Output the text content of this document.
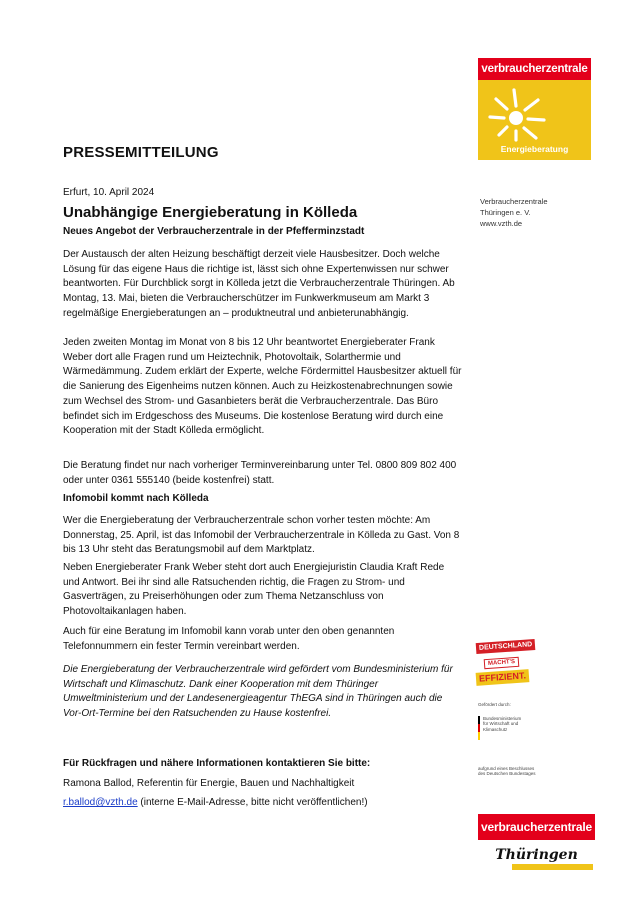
verbraucherzentrale
Energieberatung
Verbraucherzentrale
Thüringen e. V.
www.vzth.de
PRESSEMITTEILUNG
Erfurt, 10. April 2024
Unabhängige Energieberatung in Kölleda
Neues Angebot der Verbraucherzentrale in der Pfefferminzstadt

Der Austausch der alten Heizung beschäftigt derzeit viele Hausbesitzer. Doch welche Lösung für das eigene Haus die richtige ist, lässt sich ohne Expertenwissen nur schwer beantworten. Für Durchblick sorgt in Kölleda jetzt die Verbraucherzentrale Thüringen. Ab Montag, 13. Mai, bieten die Verbraucherschützer im Funkwerkmuseum am Markt 3 regelmäßige Energieberatungen an – produktneutral und anbieterunabhängig.

Jeden zweiten Montag im Monat von 8 bis 12 Uhr beantwortet Energieberater Frank Weber dort alle Fragen rund um Heiztechnik, Photovoltaik, Solarthermie und Wärmedämmung. Zudem erklärt der Experte, welche Fördermittel Hausbesitzer aktuell für die Sanierung des Eigenheims nutzen können. Auch zu Heizkostenabrechnungen sowie zum Wechsel des Strom- und Gasanbieters berät die Verbraucherzentrale. Das Büro befindet sich im Erdgeschoss des Museums. Die kostenlose Beratung wird durch eine Kooperation mit der Stadt Kölleda ermöglicht.

Die Beratung findet nur nach vorheriger Terminvereinbarung unter Tel. 0800 809 802 400 oder unter 0361 555140 (beide kostenfrei) statt.

Infomobil kommt nach Kölleda

Wer die Energieberatung der Verbraucherzentrale schon vorher testen möchte: Am Donnerstag, 25. April, ist das Infomobil der Verbraucherzentrale in Kölleda zu Gast. Von 8 bis 13 Uhr steht das Beratungsmobil auf dem Marktplatz.

Neben Energieberater Frank Weber steht dort auch Energiejuristin Claudia Kraft Rede und Antwort. Bei ihr sind alle Ratsuchenden richtig, die Fragen zu Strom- und Gasverträgen, zu Preiserhöhungen oder zum Thema Netzanschluss von Photovoltaikanlagen haben.

Auch für eine Beratung im Infomobil kann vorab unter den oben genannten Telefonnummern ein fester Termin vereinbart werden.

Die Energieberatung der Verbraucherzentrale wird gefördert vom Bundesministerium für Wirtschaft und Klimaschutz. Dank einer Kooperation mit dem Thüringer Umweltministerium und der Landesenergieagentur ThEGA sind in Thüringen auch die Vor-Ort-Termine bei den Ratsuchenden zu Hause kostenfrei.

Für Rückfragen und nähere Informationen kontaktieren Sie bitte:
Ramona Ballod, Referentin für Energie, Bauen und Nachhaltigkeit
r.ballod@vzth.de (interne E-Mail-Adresse, bitte nicht veröffentlichen!)
DEUTSCHLAND
MACHT'S
EFFIZIENT.
Gefördert durch:
Bundesministerium für Wirtschaft und Klimaschutz
aufgrund eines Beschlusses des Deutschen Bundestages
verbraucherzentrale
Thüringen
